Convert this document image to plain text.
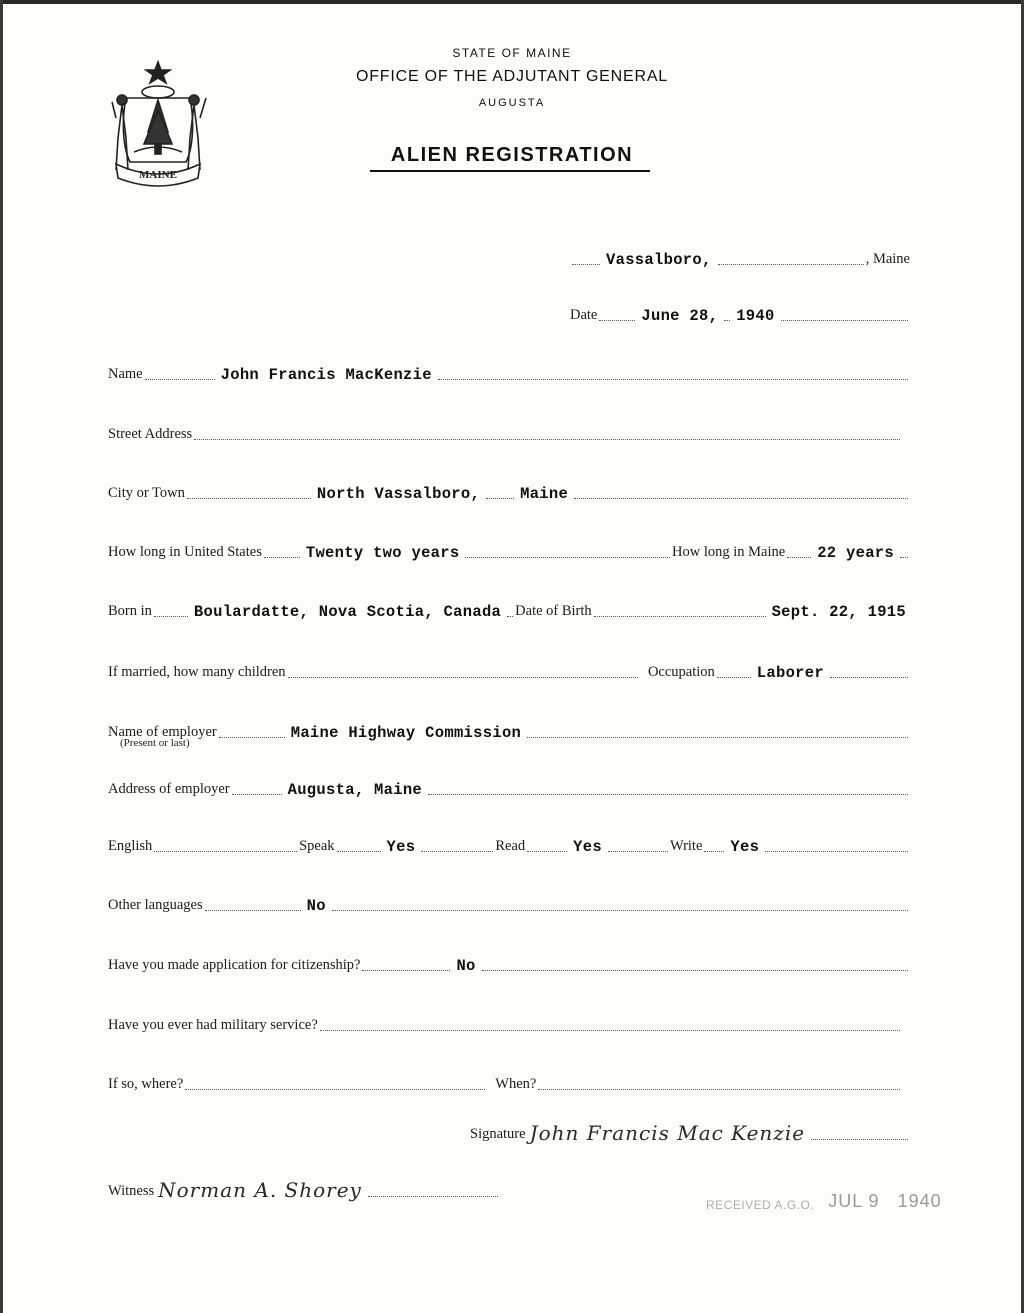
MAINE
STATE OF MAINE
OFFICE OF THE ADJUTANT GENERAL
AUGUSTA
ALIEN REGISTRATION
Vassalboro,	, Maine
Date	June 28, 1940
Name	John Francis MacKenzie
Street Address
City or Town	North Vassalboro,	Maine
How long in United States	Twenty two years	How long in Maine 22 years
Born in	Boulardatte, Nova Scotia, Canada Date of Birth	Sept. 22, 1915
If married, how many children	Occupation	Laborer
Name of employer	Maine Highway Commission
(Present or last)
Address of employer	Augusta, Maine
English	Speak	Yes	Read	Yes	Write Yes
Other languages	No
Have you made application for citizenship?	No
Have you ever had military service?
If so, where?	When?
Signature John Francis Mac Kenzie
Witness Norman A. Shorey
RECEIVED A.G.O. JUL 9 1940
